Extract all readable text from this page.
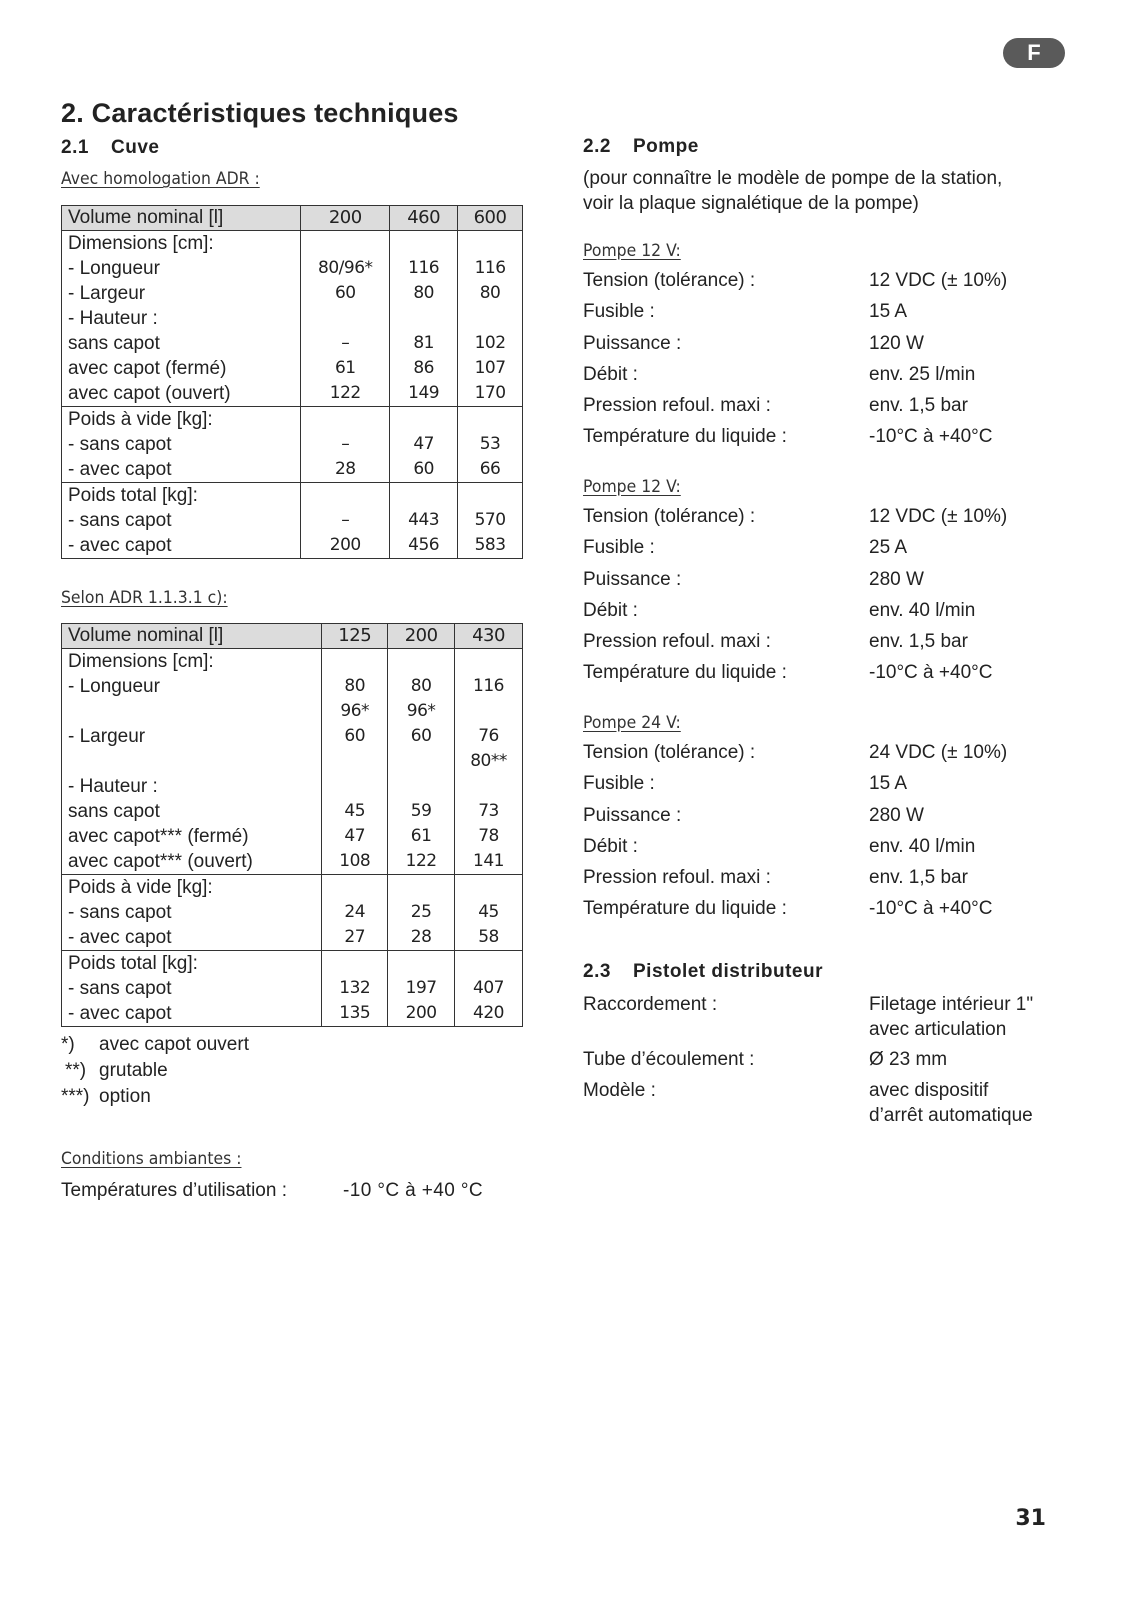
F
2. Caractéristiques techniques
2.1 Cuve
Avec homologation ADR :
Volume nominal [l]	200	460	600
Dimensions [cm]:			
- Longueur	80/96*	116	116
- Largeur	60	80	80
- Hauteur :			
sans capot	–	81	102
avec capot (fermé)	61	86	107
avec capot (ouvert)	122	149	170
Poids à vide [kg]:			
- sans capot	–	47	53
- avec capot	28	60	66
Poids total [kg]:			
- sans capot	–	443	570
- avec capot	200	456	583
Selon ADR 1.1.3.1 c):
Volume nominal [l]	125	200	430
Dimensions [cm]:			
- Longueur	80	80	116
	96*	96*	
- Largeur	60	60	76
			80**
- Hauteur :			
sans capot	45	59	73
avec capot*** (fermé)	47	61	78
avec capot*** (ouvert)	108	122	141
Poids à vide [kg]:			
- sans capot	24	25	45
- avec capot	27	28	58
Poids total [kg]:			
- sans capot	132	197	407
- avec capot	135	200	420
*) avec capot ouvert
**) grutable
***) option
Conditions ambiantes :
Températures d’utilisation :	-10 °C à +40 °C
2.2 Pompe
(pour connaître le modèle de pompe de la station,
voir la plaque signalétique de la pompe)
Pompe 12 V:
Tension (tolérance) :	12 VDC (± 10%)
Fusible :	15 A
Puissance :	120 W
Débit :	env. 25 l/min
Pression refoul. maxi :	env. 1,5 bar
Température du liquide :	-10°C à +40°C
Pompe 12 V:
Tension (tolérance) :	12 VDC (± 10%)
Fusible :	25 A
Puissance :	280 W
Débit :	env. 40 l/min
Pression refoul. maxi :	env. 1,5 bar
Température du liquide :	-10°C à +40°C
Pompe 24 V:
Tension (tolérance) :	24 VDC (± 10%)
Fusible :	15 A
Puissance :	280 W
Débit :	env. 40 l/min
Pression refoul. maxi :	env. 1,5 bar
Température du liquide :	-10°C à +40°C
2.3 Pistolet distributeur
Raccordement :	Filetage intérieur 1"
avec articulation
Tube d’écoulement :	Ø 23 mm
Modèle :	avec dispositif
d’arrêt automatique
31
